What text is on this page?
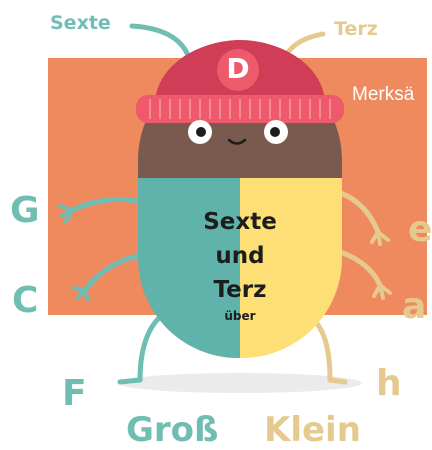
Merksä
D
Sexte	Terz
G
C
F
e
a
h
Sexte
und
Terz
über
Groß Klein
